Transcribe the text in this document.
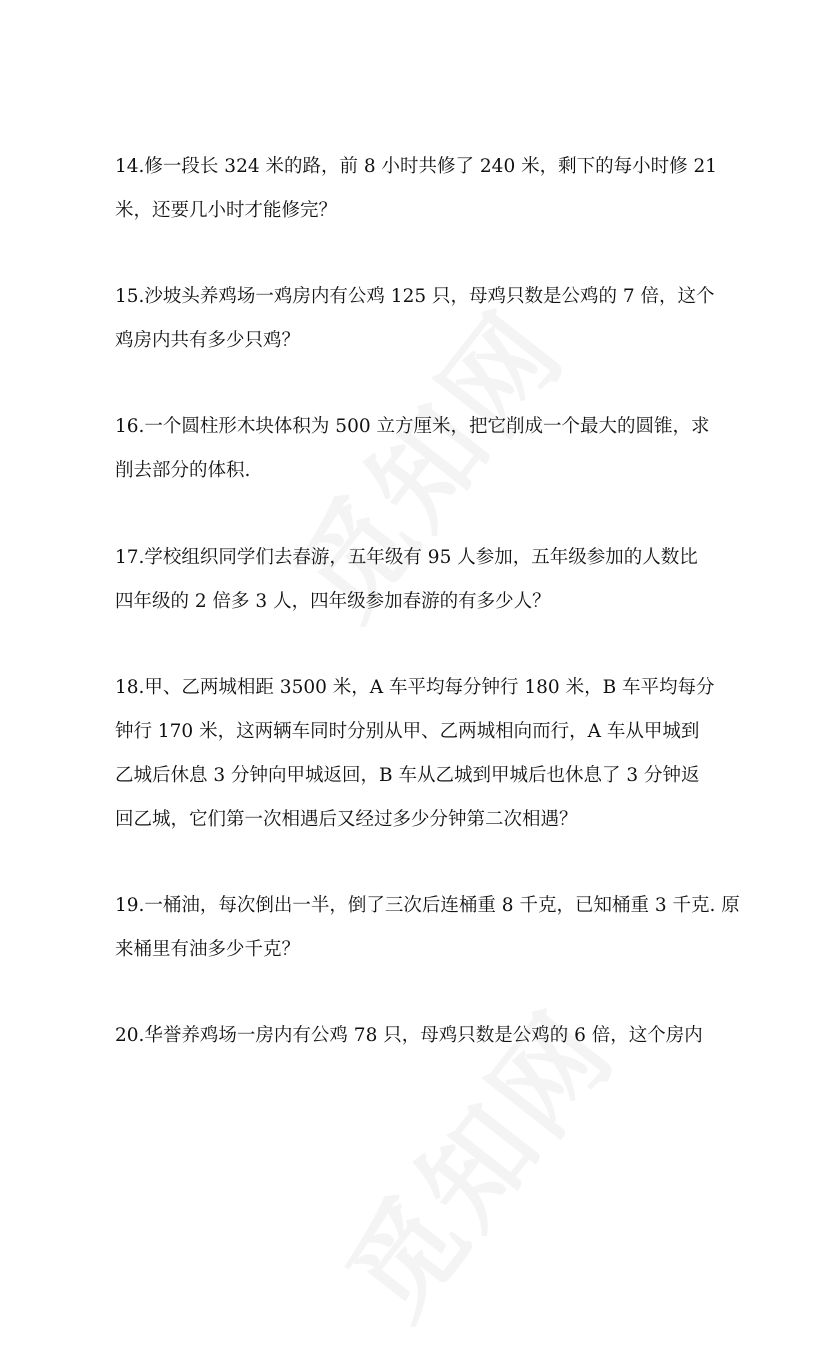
14.修一段长 324 米的路，前 8 小时共修了 240 米，剩下的每小时修 21

米，还要几小时才能修完？

15.沙坡头养鸡场一鸡房内有公鸡 125 只，母鸡只数是公鸡的 7 倍，这个

鸡房内共有多少只鸡？

16.一个圆柱形木块体积为 500 立方厘米，把它削成一个最大的圆锥，求

削去部分的体积.

17.学校组织同学们去春游，五年级有 95 人参加，五年级参加的人数比

四年级的 2 倍多 3 人，四年级参加春游的有多少人？

18.甲、乙两城相距 3500 米，A 车平均每分钟行 180 米，B 车平均每分

钟行 170 米，这两辆车同时分别从甲、乙两城相向而行，A 车从甲城到

乙城后休息 3 分钟向甲城返回，B 车从乙城到甲城后也休息了 3 分钟返

回乙城，它们第一次相遇后又经过多少分钟第二次相遇？

19.一桶油，每次倒出一半，倒了三次后连桶重 8 千克，已知桶重 3 千克. 原

来桶里有油多少千克？

20.华誉养鸡场一房内有公鸡 78 只，母鸡只数是公鸡的 6 倍，这个房内
